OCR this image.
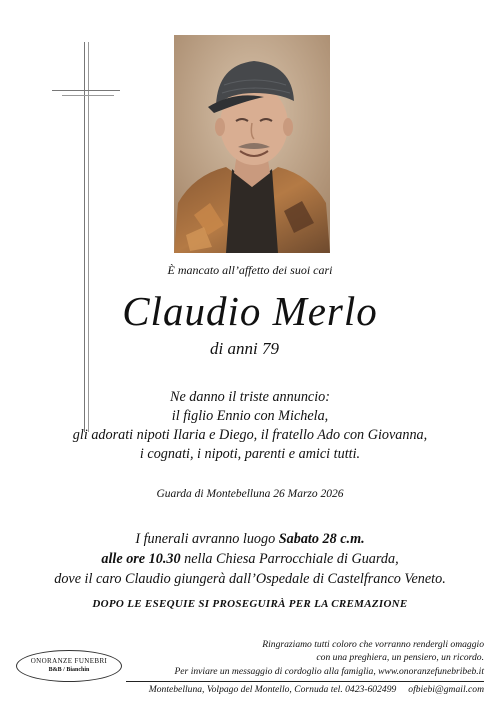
È mancato all’affetto dei suoi cari
Claudio Merlo
di anni 79
Ne danno il triste annuncio:
il figlio Ennio con Michela,
gli adorati nipoti Ilaria e Diego, il fratello Ado con Giovanna,
i cognati, i nipoti, parenti e amici tutti.
Guarda di Montebelluna 26 Marzo 2026
I funerali avranno luogo Sabato 28 c.m.
alle ore 10.30 nella Chiesa Parrocchiale di Guarda,
dove il caro Claudio giungerà dall’Ospedale di Castelfranco Veneto.
DOPO LE ESEQUIE SI PROSEGUIRÀ PER LA CREMAZIONE
ONORANZE FUNEBRI
B&B / Bianchin
Ringraziamo tutti coloro che vorranno rendergli omaggio
con una preghiera, un pensiero, un ricordo.
Per inviare un messaggio di cordoglio alla famiglia, www.onoranzefunebribeb.it
Montebelluna, Volpago del Montello, Cornuda tel. 0423-602499     ofbiebi@gmail.com
